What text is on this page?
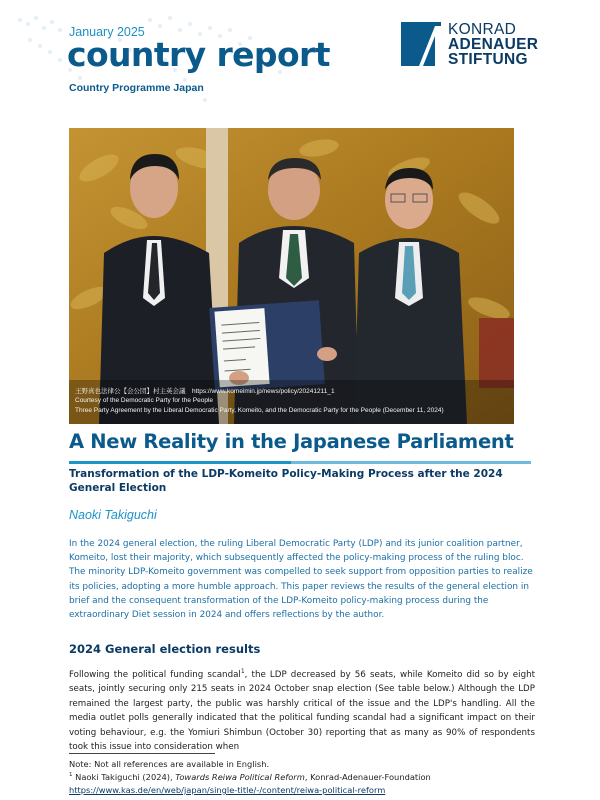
January 2025
country report
Country Programme Japan
KONRAD
ADENAUER
STIFTUNG
王野真也法律公【会公団】村主英会議　https://www.komeimin.jp/news/policy/20241211_1
Courtesy of the Democratic Party for the People
Three Party Agreement by the Liberal Democratic Party, Komeito, and the Democratic Party for the People (December 11, 2024)
A New Reality in the Japanese Parliament
Transformation of the LDP-Komeito Policy-Making Process after the 2024 General Election
Naoki Takiguchi

In the 2024 general election, the ruling Liberal Democratic Party (LDP) and its junior coalition partner, Komeito, lost their majority, which subsequently affected the policy-making process of the ruling bloc. The minority LDP-Komeito government was compelled to seek support from opposition parties to realize its policies, adopting a more humble approach. This paper reviews the results of the general election in brief and the consequent transformation of the LDP-Komeito policy-making process during the extraordinary Diet session in 2024 and offers reflections by the author.

2024 General election results

Following the political funding scandal$^1$, the LDP decreased by 56 seats, while Komeito did so by eight seats, jointly securing only 215 seats in 2024 October snap election (See table below.) Although the LDP remained the largest party, the public was harshly critical of the issue and the LDP's handling. All the media outlet polls generally indicated that the political funding scandal had a significant impact on their voting behaviour, e.g. the Yomiuri Shimbun (October 30) reporting that as many as 90% of respondents took this issue into consideration when

Note: Not all references are available in English.
$^1$ Naoki Takiguchi (2024), Towards Reiwa Political Reform, Konrad-Adenauer-Foundation
https://www.kas.de/en/web/japan/single-title/-/content/reiwa-political-reform
